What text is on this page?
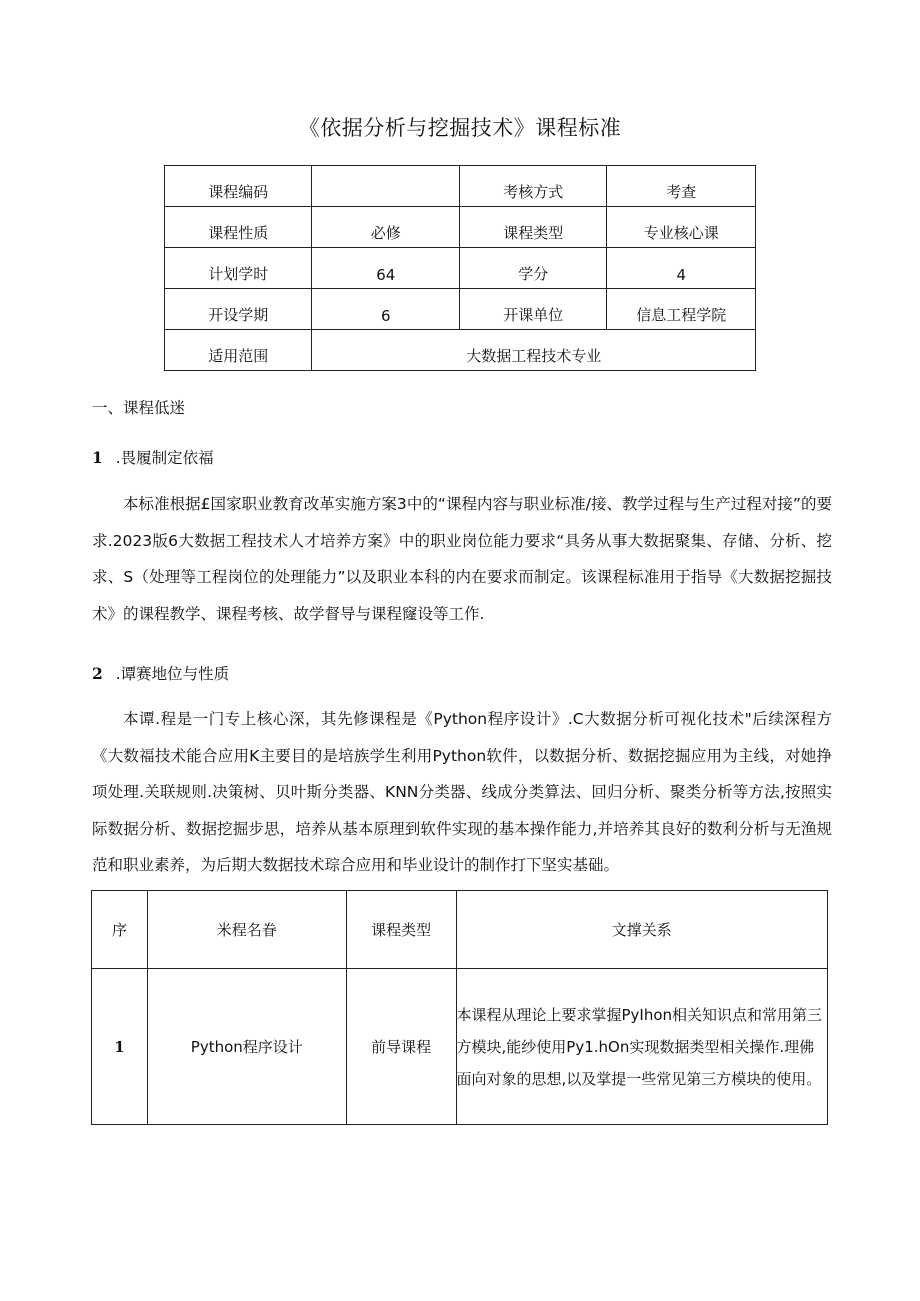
《依据分析与挖掘技术》课程标准
课程编码		考核方式	考查
课程性质	必修	课程类型	专业核心课
计划学时	64	学分	4
开设学期	6	开课单位	信息工程学院
适用范围	大数据工程技术专业		
一、课程低迷
1 .畏履制定依福
本标准根据£国家职业教育改革实施方案3中的“课程内容与职业标准/接、教学过程与生产过程对接”的要求.2023版6大数据工程技术人才培养方案》中的职业岗位能力要求“具务从事大数据聚集、存储、分析、挖求、S（处理等工程岗位的处理能力”以及职业本科的内在要求而制定。该课程标准用于指导《大数据挖掘技术》的课程教学、课程考核、故学督导与课程窿设等工作.
2 .谭赛地位与性质
本谭.程是一门专上核心深，其先修课程是《Python程序设计》.C大数据分析可视化技术"后续深程方《大数福技术能合应用K主要目的是培族学生利用Python软件，以数据分析、数据挖掘应用为主线，对她挣项处理.关联规则.决策树、贝叶斯分类器、KNN分类器、线成分类算法、回归分析、聚类分析等方法,按照实际数据分析、数据挖掘步思，培养从基本原理到软件实现的基本操作能力,并培养其良好的数利分析与无渔规范和职业素养，为后期大数据技术琮合应用和毕业设计的制作打下坚实基础。
序	米程名眷	课程类型	文撑关系
1	Python程序设计	前导课程	本课程从理论上要求掌握PyIhon相关知识点和常用第三方模块,能纱使用Py1.hOn实现数据类型相关操作.理佛面向对象的思想,以及掌提一些常见第三方模块的使用。
